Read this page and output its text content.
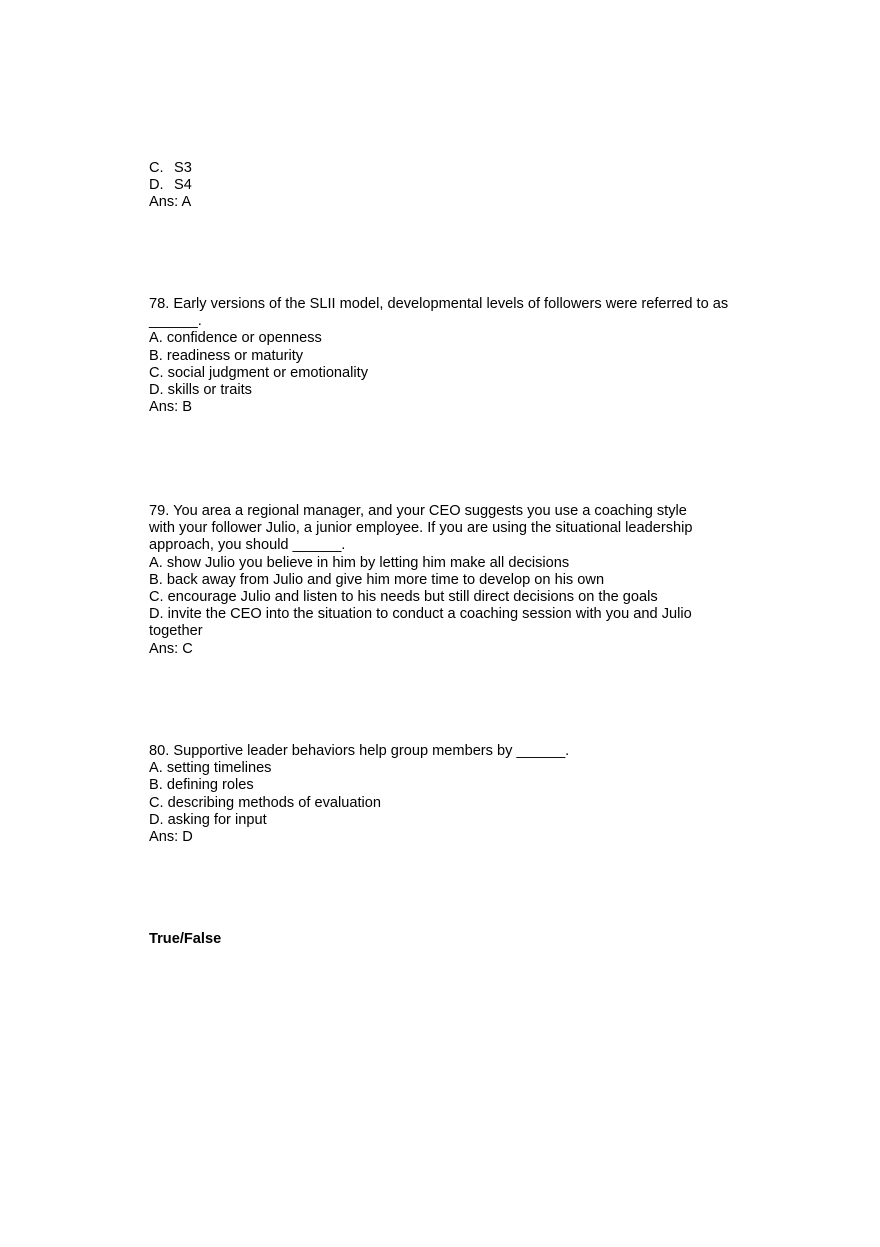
C. S3
D. S4
Ans: A
78. Early versions of the SLII model, developmental levels of followers were referred to as ______.
A. confidence or openness
B. readiness or maturity
C. social judgment or emotionality
D. skills or traits
Ans: B
79. You area a regional manager, and your CEO suggests you use a coaching style with your follower Julio, a junior employee. If you are using the situational leadership approach, you should ______.
A. show Julio you believe in him by letting him make all decisions
B. back away from Julio and give him more time to develop on his own
C. encourage Julio and listen to his needs but still direct decisions on the goals
D. invite the CEO into the situation to conduct a coaching session with you and Julio together
Ans: C
80. Supportive leader behaviors help group members by ______.
A. setting timelines
B. defining roles
C. describing methods of evaluation
D. asking for input
Ans: D
True/False
